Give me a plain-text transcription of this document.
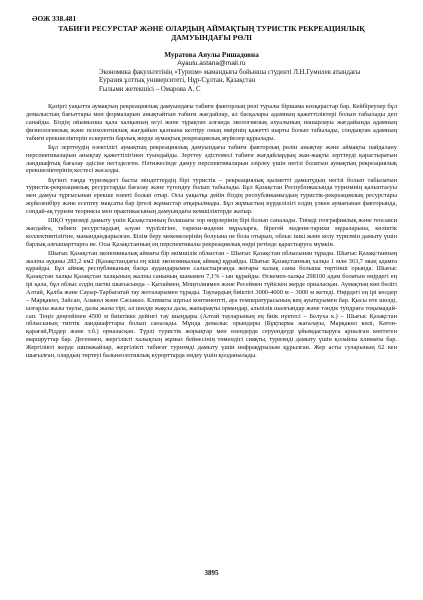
ӘОЖ 338.481
ТАБИҒИ РЕСУРСТАР ЖӘНЕ ОЛАРДЫҢ АЙМАҚТЫҢ ТУРИСТІК РЕКРЕАЦИЯЛЫҚ ДАМУЫНДАҒЫ РӨЛІ
Муратова Аяулы Ришадовна
Ayaulu.astana@mail.ru
Экономика факультетінің «Туризм» мамандығы бойынша студенті Л.Н.Гумилев атындағы
Еуразия ұлттық университеті, Нұр-Сұлтан, Қазақстан
Ғылыми жетекшісі – Омарова А. С

Қазіргі уақытта аумақтың рекреациялық дамуындағы табиғи факторлың рөлі туралы біршама көзқарастар бар. Кейбіреулер бұл демалыстың бағыттары мен формаларын анықтайтын табиғи жағдайлар, ал басқалары адамның қажеттіліктері болып табылады деп санайды. Біздің ойымызша қала халқының өсуі және тұрақтап алғанда экологиялық ахуалының нашарлауы жағдайында адамның физиологиялық және психологиялық жағдайын қалпына келтіру оның өмірінің қажетті шарты болып табылады, сондықтан адамның табиғи ерекшеліктерін ескеретін барлық жерде аумақтық рекреациялық жүйелер құрылады.

Бұл зерттеудің өзектілігі аумақтың рекреациялық дамуындағы табиғи факторлың рөлін анықтау және аймақты пайдалану перспективаларын анықтау қажеттілігінен туындайды. Зерттеу әдістемесі табиғи жағдайлардың жан-жақты зерттеуді қарастыратын ландшафтық бағалау әдісіне негізделген. Нәтижесінде дамуу перспективаларын әзірлеу үшін негізі болатын аумақтың рекреациялық ерекшеліктерінің кестесі жасалды.

Бүгінгі таңда туризмдегі басты міндеттердің бірі туристік – рекреациялық қызметті дамытудың негізі болып табылатын туристік-рекреациялық ресурстарды бағалау және түгендеу болып табылады. Бұл Қазақстан Республикасында туризмнің қалыптасуы мен дамуы тұрғысынан ерекше өзекті болып отыр. Осы уақытқа дейін біздің республикамыздың туристік-рекреациялық ресурстары жүйеленбіру және есептеу мақсаты бар іргелі жұмыстар атқарылмады. Бұл жұмыстың күрделілігі елдің үлкен аумағынан факторында, сондай-ақ туризм теориясы мен практикасының дамуындағы кемшіліктерде жатыр.

ШҚО туризмді дамыту үшін Қазақстанның болашағы зор өңірлерінің бірі болып саналады. Тиімді географиялық және геосаяси жағдайға, табиғи ресурстардың алуан түрлілігіне, тарихи-мәдени мұраларға, бірегей мәдени-тарихи мұраларына, көліктік коллективтілігіне, мамандандырылған. Білім беру мекемелерінің болуына не бола отырып, облыс ішкі және келу туризмін дамыту үшін барлық алғышарттарға ие. Осы Қазақстанның ең перспективалы рекреациялық өңірі ретінде қарастыруға мүмкін.

Шығыс Қазақстан экономикалық аймағы бір әкімшілік облыстан – Шығыс Қазақстан облысынан тұрады. Шығыс Қазақстанның жалпы ауданы 283,2 км2 (Қазақстандағы ең кіші экономикалық аймақ) құрайды. Шығыс Қазақстанның халқы 1 млн 363,7 мың адамға құрайды. Бұл аймақ республиканың басқа аудандарымен салыстырғанда жоғары халық саны болыша төртінші орында. Шығыс Қазақстан халқы Қазақстан халқының жалпы санының шамамен 7,1% - ын құрайды. Өскемен-халқы 298100 адам болатын өңірдегі ең ірі қала, бұл облыс елдің шеткі шығысында – Қытаймен, Моңғолиямен және Ресеймен түйіскен жерде орналасқан. Аумақтың көп бөлігі Алтай, Қалба және Сауыр-Тарбағатай тау жоталарымен тұрады. Таулардың биіктігі 3000-4000 м – 3000 м жетеді. Өңірдегі ең ірі көлдер – Марқакөл, Зайсан, Алакөл және Сасыкөл. Климаты шұғыл континентті, ауа температурасының кең ауытқуымен бар. Қысы өте шөлді, ызғарлы жазы таулы, далы жазы тірі, ал шөлде жақсы дала, жапырақты ормандар, альпілік шалғындар және тәндік тундраға тоқымадай-сап. Теңіз деңгейінен 4500 м биіктікке дейінгі тау шыңдары (Алтай тауларының ең биік нүктесі – Белуха к.) – Шығыс Қазақстан облысының типтік ландшафттары болып саналады. Мұнда демалыс орындары (Бұқтырма жағалауы, Марқакөл көлі, Катон-қарағай,Ріддер және т.б.) орналасқан. Түрлі туристік жорықтар мен өзендерде серуендеуді ұйымдастыруға арналған көптеген маршруттар бар. Дегенмен, жергілікті халықтың жұмыс бейнесінің төмендігі сияқты, туризмді дамыту үшін қолайлы климаты бар. Жергілікті жерде шипажайлар, жергілікті табиғат туризмді дамыту үшін инфрақұрылым құрылған. Жер асты суларының 62 кен шығылған, олардың төртеуі бальнеологиялық курорттарда емдеу үшін қолданылады.

3895
